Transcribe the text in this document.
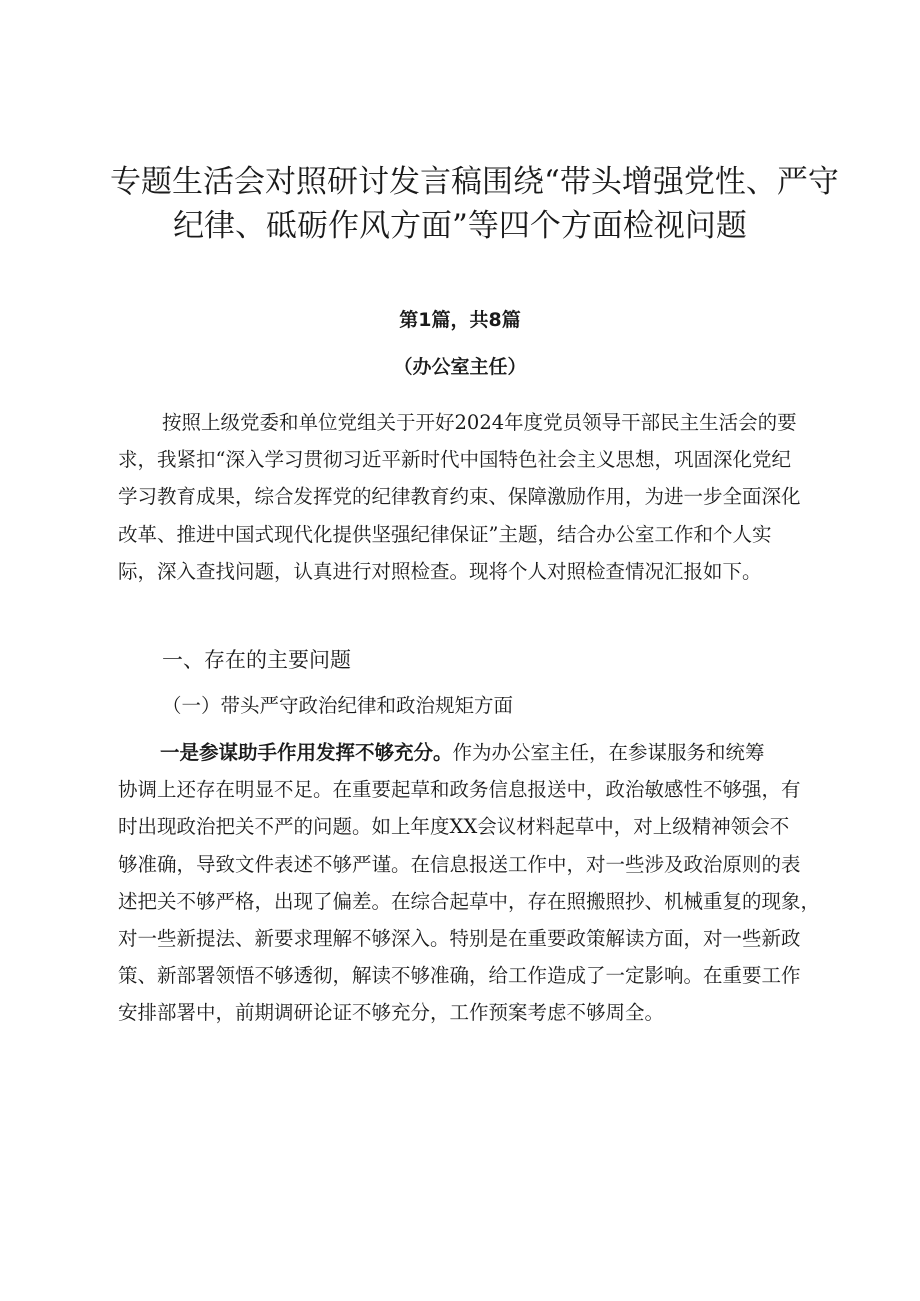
专题生活会对照研讨发言稿围绕“带头增强党性、严守
纪律、砥砺作风方面”等四个方面检视问题
第1篇，共8篇
（办公室主任）

按照上级党委和单位党组关于开好2024年度党员领导干部民主生活会的要
求，我紧扣“深入学习贯彻习近平新时代中国特色社会主义思想，巩固深化党纪
学习教育成果，综合发挥党的纪律教育约束、保障激励作用，为进一步全面深化
改革、推进中国式现代化提供坚强纪律保证”主题，结合办公室工作和个人实
际，深入查找问题，认真进行对照检查。现将个人对照检查情况汇报如下。

一、存在的主要问题
（一）带头严守政治纪律和政治规矩方面

一是参谋助手作用发挥不够充分。作为办公室主任，在参谋服务和统筹
协调上还存在明显不足。在重要起草和政务信息报送中，政治敏感性不够强，有
时出现政治把关不严的问题。如上年度XX会议材料起草中，对上级精神领会不
够准确，导致文件表述不够严谨。在信息报送工作中，对一些涉及政治原则的表
述把关不够严格，出现了偏差。在综合起草中，存在照搬照抄、机械重复的现象，
对一些新提法、新要求理解不够深入。特别是在重要政策解读方面，对一些新政
策、新部署领悟不够透彻，解读不够准确，给工作造成了一定影响。在重要工作
安排部署中，前期调研论证不够充分，工作预案考虑不够周全。
